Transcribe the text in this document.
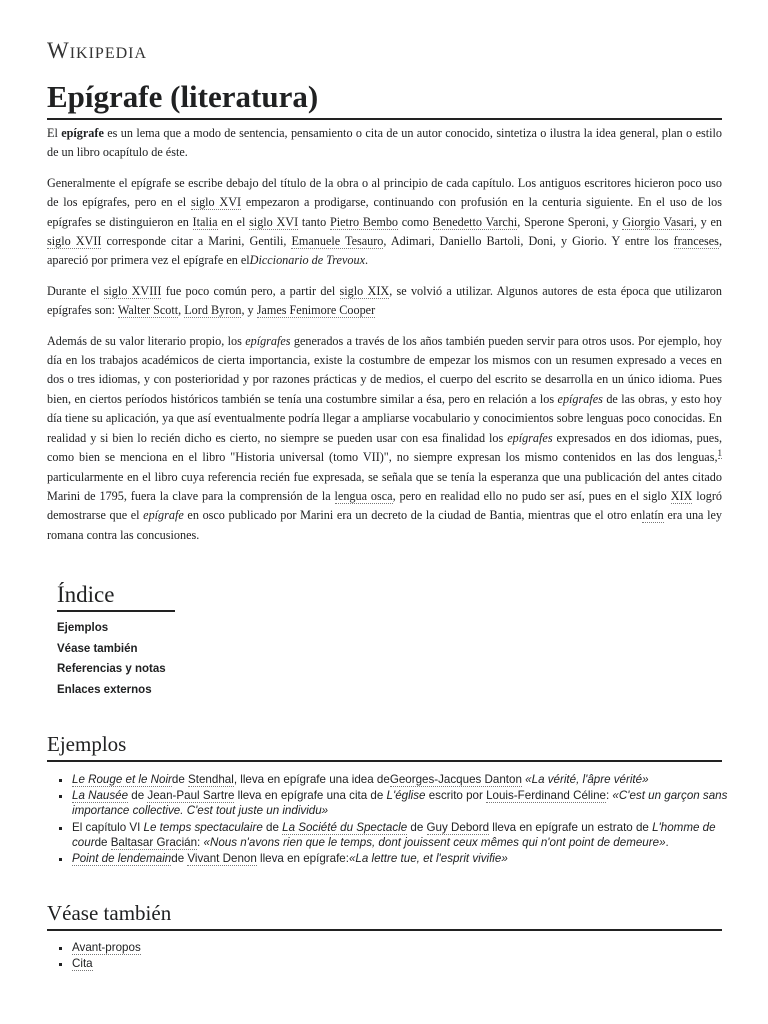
Wikipedia
Epígrafe (literatura)

El epígrafe es un lema que a modo de sentencia, pensamiento o cita de un autor conocido, sintetiza o ilustra la idea general, plan o estilo de un libro ocapítulo de éste.

Generalmente el epígrafe se escribe debajo del título de la obra o al principio de cada capítulo. Los antiguos escritores hicieron poco uso de los epígrafes, pero en el siglo XVI empezaron a prodigarse, continuando con profusión en la centuria siguiente. En el uso de los epígrafes se distinguieron en Italia en el siglo XVI tanto Pietro Bembo como Benedetto Varchi, Sperone Speroni, y Giorgio Vasari, y en siglo XVII corresponde citar a Marini, Gentili, Emanuele Tesauro, Adimari, Daniello Bartoli, Doni, y Giorio. Y entre los franceses, apareció por primera vez el epígrafe en elDiccionario de Trevoux.

Durante el siglo XVIII fue poco común pero, a partir del siglo XIX, se volvió a utilizar. Algunos autores de esta época que utilizaron epígrafes son: Walter Scott, Lord Byron, y James Fenimore Cooper

Además de su valor literario propio, los epígrafes generados a través de los años también pueden servir para otros usos. Por ejemplo, hoy día en los trabajos académicos de cierta importancia, existe la costumbre de empezar los mismos con un resumen expresado a veces en dos o tres idiomas, y con posterioridad y por razones prácticas y de medios, el cuerpo del escrito se desarrolla en un único idioma. Pues bien, en ciertos períodos históricos también se tenía una costumbre similar a ésa, pero en relación a los epígrafes de las obras, y esto hoy día tiene su aplicación, ya que así eventualmente podría llegar a ampliarse vocabulario y conocimientos sobre lenguas poco conocidas. En realidad y si bien lo recién dicho es cierto, no siempre se pueden usar con esa finalidad los epígrafes expresados en dos idiomas, pues, como bien se menciona en el libro "Historia universal (tomo VII)", no siempre expresan los mismo contenidos en las dos lenguas,$^1$ particularmente en el libro cuya referencia recién fue expresada, se señala que se tenía la esperanza que una publicación del antes citado Marini de 1795, fuera la clave para la comprensión de la lengua osca, pero en realidad ello no pudo ser así, pues en el siglo XIX logró demostrarse que el epígrafe en osco publicado por Marini era un decreto de la ciudad de Bantia, mientras que el otro enlatín era una ley romana contra las concusiones.

Índice
Ejemplos
Véase también
Referencias y notas
Enlaces externos
Ejemplos
▪ Le Rouge et le Noirde Stendhal, lleva en epígrafe una idea deGeorges-Jacques Danton «La vérité, l'âpre vérité»
▪ La Nausée de Jean-Paul Sartre lleva en epígrafe una cita de L'église escrito por Louis-Ferdinand Céline: «C'est un garçon sans importance collective. C'est tout juste un individu»
▪ El capítulo VI Le temps spectaculaire de La Société du Spectacle de Guy Debord lleva en epígrafe un estrato de L'homme de courde Baltasar Gracián: «Nous n'avons rien que le temps, dont jouissent ceux mêmes qui n'ont point de demeure».
▪ Point de lendemainde Vivant Denon lleva en epígrafe:«La lettre tue, et l'esprit vivifie»
Véase también
▪ Avant-propos
▪ Cita
